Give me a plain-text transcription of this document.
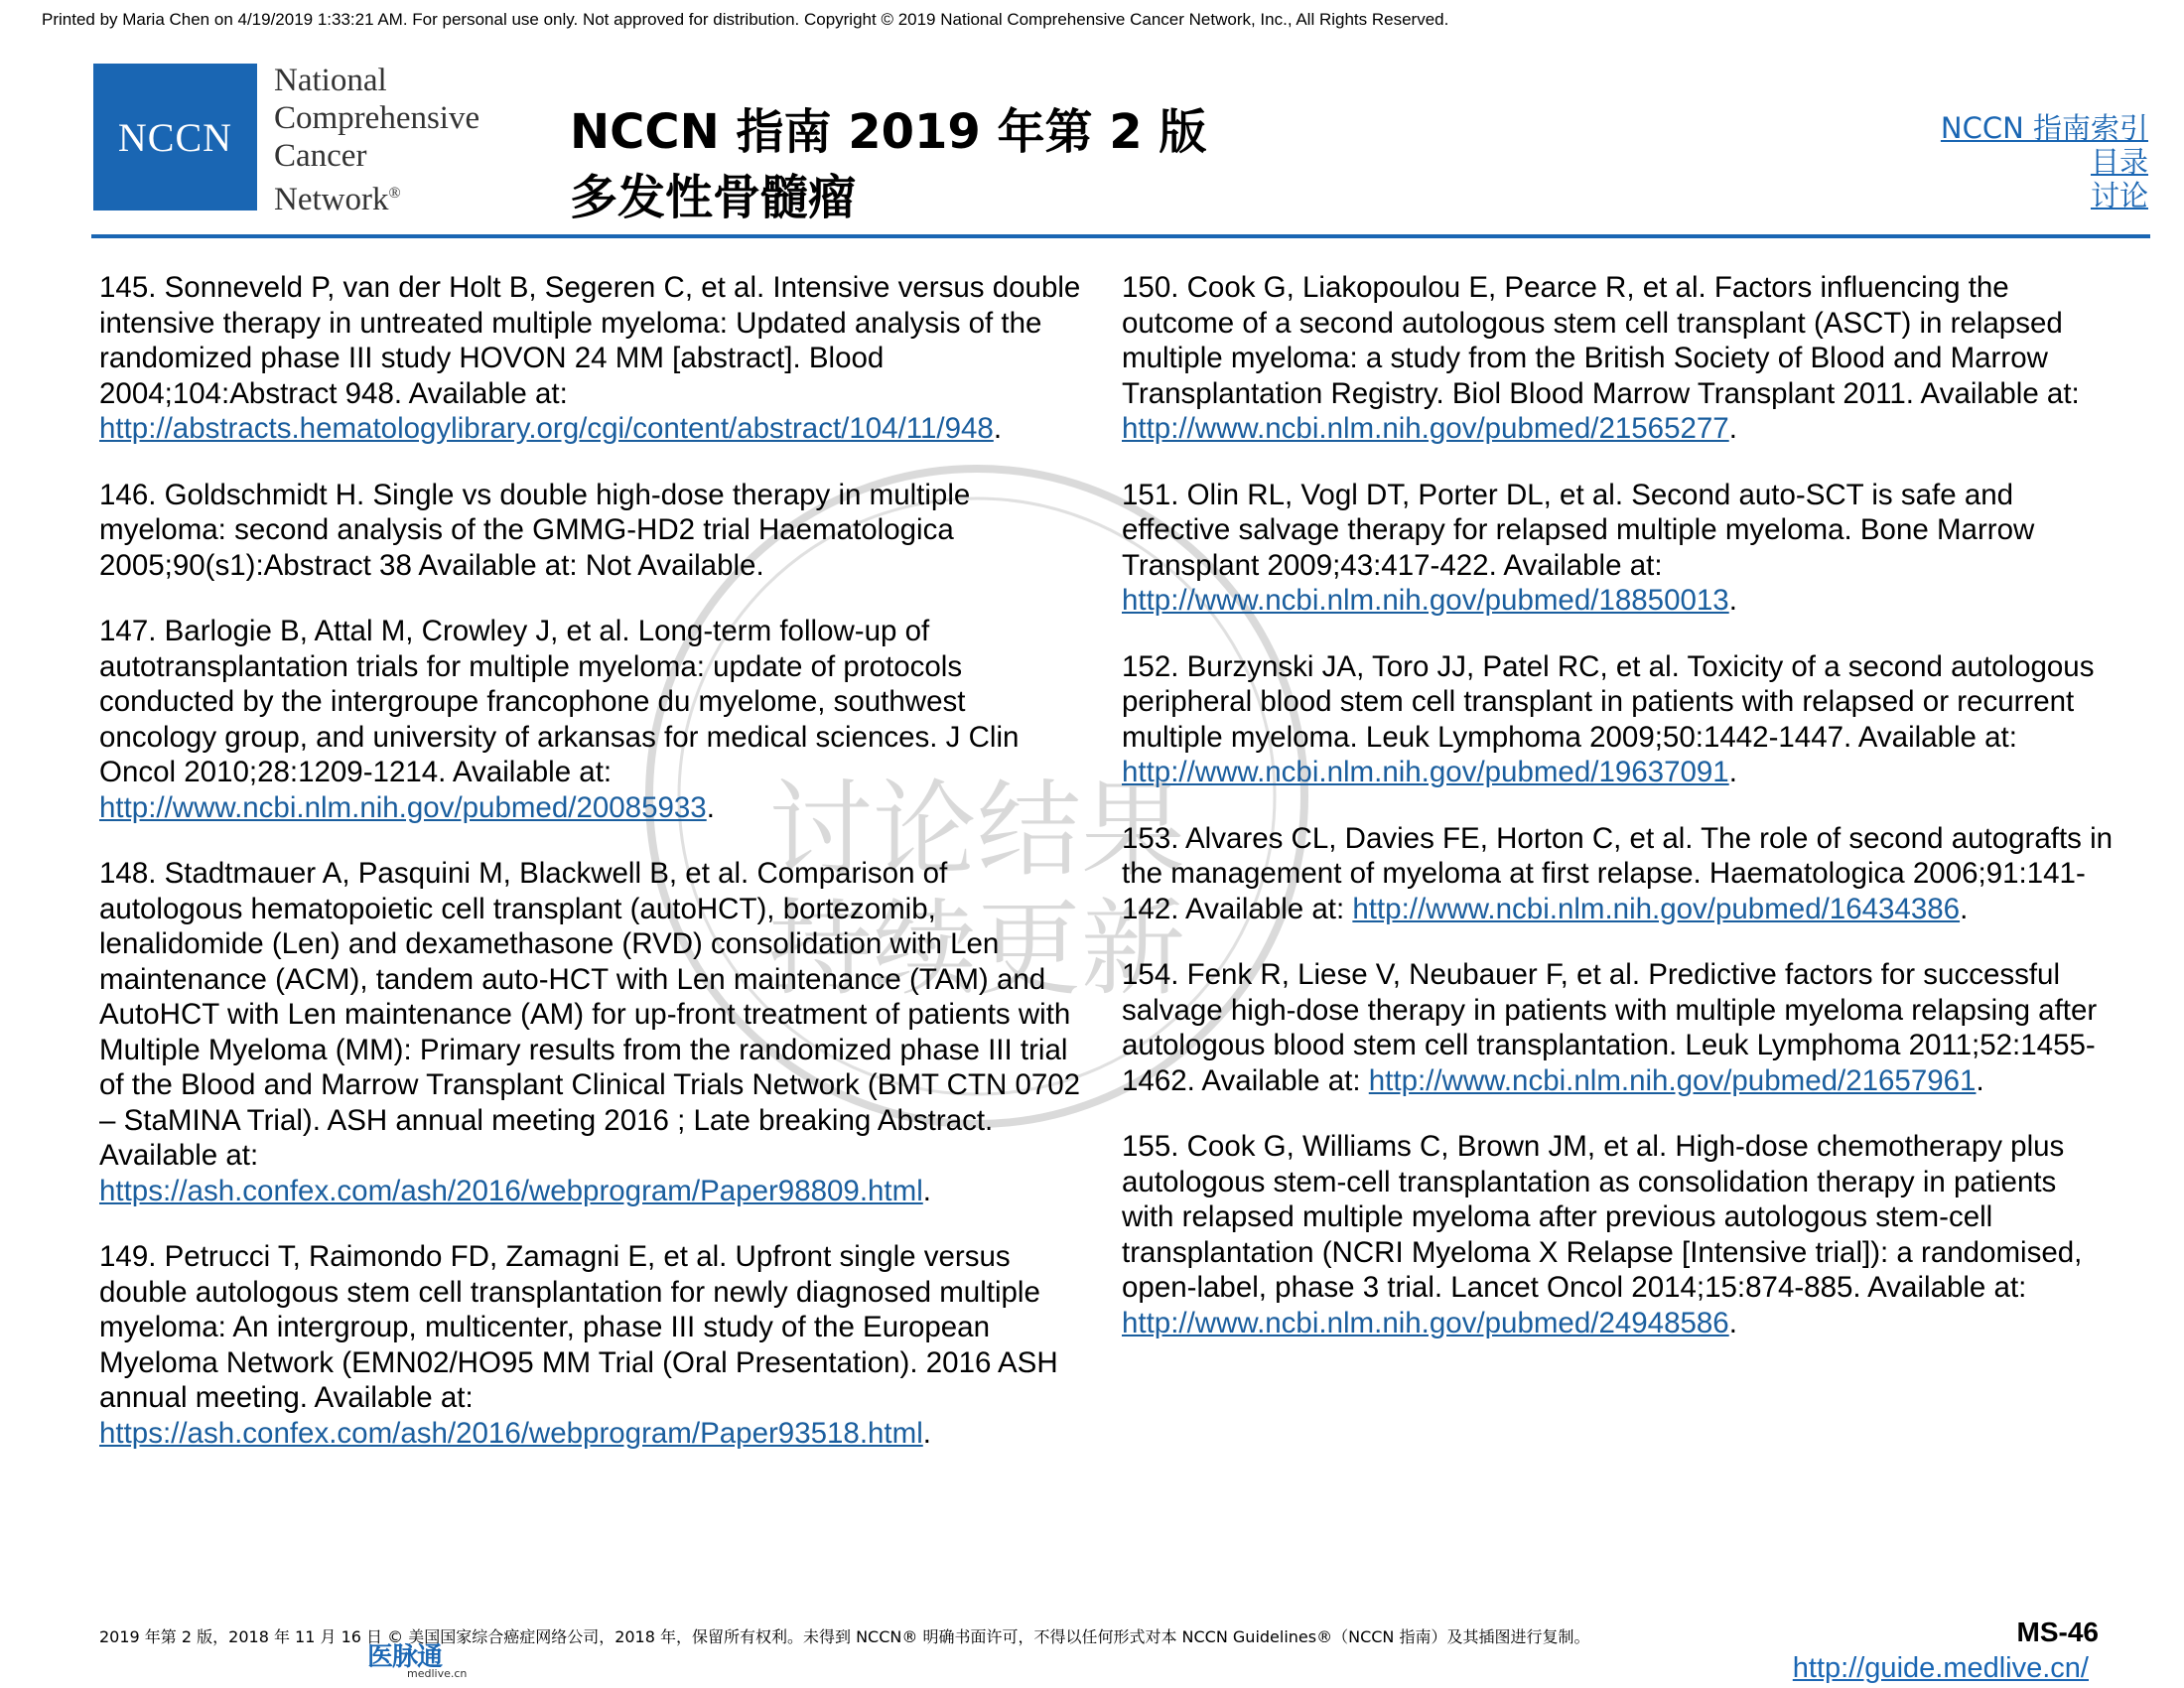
Printed by Maria Chen on 4/19/2019 1:33:21 AM. For personal use only. Not approved for distribution. Copyright © 2019 National Comprehensive Cancer Network, Inc., All Rights Reserved.
NCCN
National
Comprehensive
Cancer
Network®
NCCN 指南 2019 年第 2 版
多发性骨髓瘤
NCCN 指南索引
目录
讨论
讨论结果
持续更新

145. Sonneveld P, van der Holt B, Segeren C, et al. Intensive versus double intensive therapy in untreated multiple myeloma: Updated analysis of the randomized phase III study HOVON 24 MM [abstract]. Blood 2004;104:Abstract 948. Available at: http://abstracts.hematologylibrary.org/cgi/content/abstract/104/11/948.

146. Goldschmidt H. Single vs double high-dose therapy in multiple myeloma: second analysis of the GMMG-HD2 trial Haematologica 2005;90(s1):Abstract 38 Available at: Not Available.

147. Barlogie B, Attal M, Crowley J, et al. Long-term follow-up of autotransplantation trials for multiple myeloma: update of protocols conducted by the intergroupe francophone du myelome, southwest oncology group, and university of arkansas for medical sciences. J Clin Oncol 2010;28:1209-1214. Available at: http://www.ncbi.nlm.nih.gov/pubmed/20085933.

148. Stadtmauer A, Pasquini M, Blackwell B, et al. Comparison of autologous hematopoietic cell transplant (autoHCT), bortezomib, lenalidomide (Len) and dexamethasone (RVD) consolidation with Len maintenance (ACM), tandem auto-HCT with Len maintenance (TAM) and AutoHCT with Len maintenance (AM) for up-front treatment of patients with Multiple Myeloma (MM): Primary results from the randomized phase III trial of the Blood and Marrow Transplant Clinical Trials Network (BMT CTN 0702 – StaMINA Trial). ASH annual meeting 2016 ; Late breaking Abstract. Available at: https://ash.confex.com/ash/2016/webprogram/Paper98809.html.

149. Petrucci T, Raimondo FD, Zamagni E, et al. Upfront single versus double autologous stem cell transplantation for newly diagnosed multiple myeloma: An intergroup, multicenter, phase III study of the European Myeloma Network (EMN02/HO95 MM Trial (Oral Presentation). 2016 ASH annual meeting. Available at: https://ash.confex.com/ash/2016/webprogram/Paper93518.html.

150. Cook G, Liakopoulou E, Pearce R, et al. Factors influencing the outcome of a second autologous stem cell transplant (ASCT) in relapsed multiple myeloma: a study from the British Society of Blood and Marrow Transplantation Registry. Biol Blood Marrow Transplant 2011. Available at: http://www.ncbi.nlm.nih.gov/pubmed/21565277.

151. Olin RL, Vogl DT, Porter DL, et al. Second auto-SCT is safe and effective salvage therapy for relapsed multiple myeloma. Bone Marrow Transplant 2009;43:417-422. Available at: http://www.ncbi.nlm.nih.gov/pubmed/18850013.

152. Burzynski JA, Toro JJ, Patel RC, et al. Toxicity of a second autologous peripheral blood stem cell transplant in patients with relapsed or recurrent multiple myeloma. Leuk Lymphoma 2009;50:1442-1447. Available at: http://www.ncbi.nlm.nih.gov/pubmed/19637091.

153. Alvares CL, Davies FE, Horton C, et al. The role of second autografts in the management of myeloma at first relapse. Haematologica 2006;91:141-142. Available at: http://www.ncbi.nlm.nih.gov/pubmed/16434386.

154. Fenk R, Liese V, Neubauer F, et al. Predictive factors for successful salvage high-dose therapy in patients with multiple myeloma relapsing after autologous blood stem cell transplantation. Leuk Lymphoma 2011;52:1455-1462. Available at: http://www.ncbi.nlm.nih.gov/pubmed/21657961.

155. Cook G, Williams C, Brown JM, et al. High-dose chemotherapy plus autologous stem-cell transplantation as consolidation therapy in patients with relapsed multiple myeloma after previous autologous stem-cell transplantation (NCRI Myeloma X Relapse [Intensive trial]): a randomised, open-label, phase 3 trial. Lancet Oncol 2014;15:874-885. Available at: http://www.ncbi.nlm.nih.gov/pubmed/24948586.

2019 年第 2 版，2018 年 11 月 16 日 © 美国国家综合癌症网络公司，2018 年，保留所有权利。未得到 NCCN® 明确书面许可，不得以任何形式对本 NCCN Guidelines®（NCCN 指南）及其插图进行复制。	MS-46
医脉通
medlive.cn	http://guide.medlive.cn/
